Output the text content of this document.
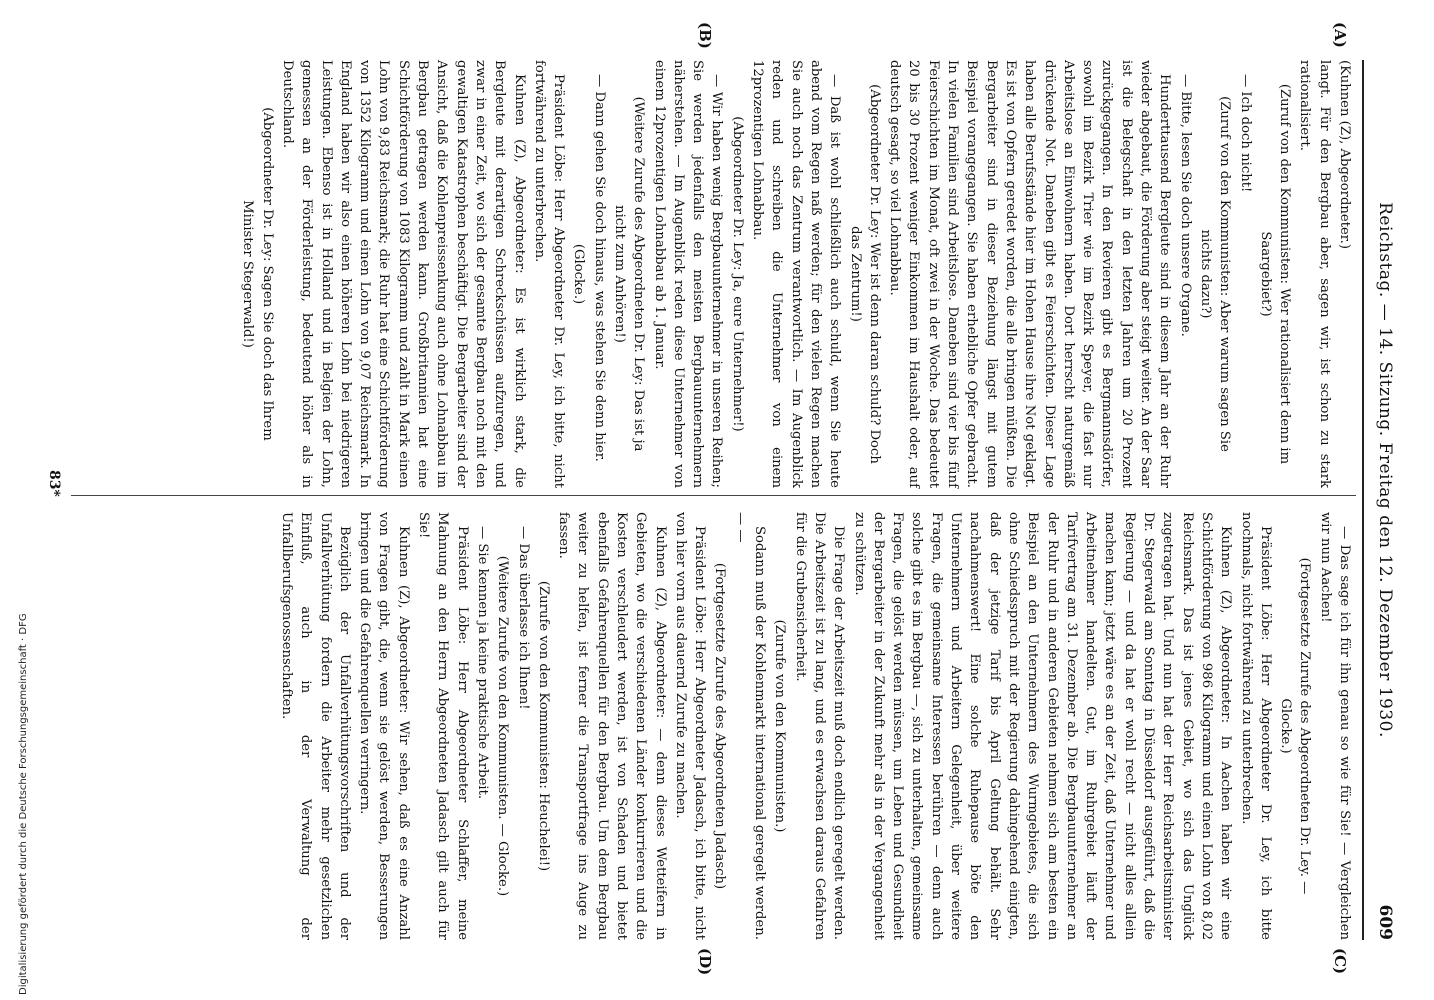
Reichstag. — 14. Sitzung. Freitag den 12. Dezember 1930.
609
(A)
(B)
(C)
(D)

(Kuhnen (Z), Abgeordneter.)

langt. Für den Bergbau aber, sagen wir, ist schon zu stark rationalisiert.

(Zuruf von den Kommunisten: Wer rationalisiert denn im Saargebiet?)

— Ich doch nicht!

(Zuruf von den Kommunisten: Aber warum sagen Sie nichts dazu?)

— Bitte, lesen Sie doch unsere Organe.

Hunderttausend Bergleute sind in diesem Jahr an der Ruhr wieder abgebaut, die Förderung aber steigt weiter. An der Saar ist die Belegschaft in den letzten Jahren um 20 Prozent zurückgegangen. In den Revieren gibt es Bergmannsdörfer, sowohl im Bezirk Trier wie im Bezirk Speyer, die fast nur Arbeitslose an Einwohnern haben. Dort herrscht naturgemäß drückende Not. Daneben gibt es Feierschichten. Dieser Lage haben alle Berufsstände hier im Hohen Hause ihre Not geklagt. Es ist von Opfern geredet worden, die alle bringen müßten. Die Bergarbeiter sind in dieser Beziehung längst mit gutem Beispiel vorangegangen. Sie haben erhebliche Opfer gebracht. In vielen Familien sind Arbeitslose. Daneben sind vier bis fünf Feierschichten im Monat, oft zwei in der Woche. Das bedeutet 20 bis 30 Prozent weniger Einkommen im Haushalt oder, auf deutsch gesagt, so viel Lohnabbau.

(Abgeordneter Dr. Ley: Wer ist denn daran schuld? Doch das Zentrum!)

— Daß ist wohl schließlich auch schuld, wenn Sie heute abend vom Regen naß werden; für den vielen Regen machen Sie auch noch das Zentrum verantwortlich. — Im Augenblick reden und schreiben die Unternehmer von einem 12prozentigen Lohnabbau.

(Abgeordneter Dr. Ley: Ja, eure Unternehmer!)

— Wir haben wenig Bergbauunternehmer in unseren Reihen; Sie werden jedenfalls den meisten Bergbauunternehmern näherstehen. — Im Augenblick reden diese Unternehmer von einem 12prozentigen Lohnabbau ab 1. Januar.

(Weitere Zurufe des Abgeordneten Dr. Ley: Das ist ja nicht zum Anhören!)

— Dann gehen Sie doch hinaus, was stehen Sie denn hier.

(Glocke.)

Präsident Löbe: Herr Abgeordneter Dr. Ley, ich bitte, nicht fortwährend zu unterbrechen.

Kuhnen (Z), Abgeordneter: Es ist wirklich stark, die Bergleute mit derartigen Schreckschüssen aufzuregen, und zwar in einer Zeit, wo sich der gesamte Bergbau noch mit den gewaltigen Katastrophen beschäftigt. Die Bergarbeiter sind der Ansicht, daß die Kohlenpreissenkung auch ohne Lohnabbau im Bergbau getragen werden kann. Großbritannien hat eine Schichtförderung von 1083 Kilogramm und zahlt in Mark einen Lohn von 9,83 Reichsmark; die Ruhr hat eine Schichtförderung von 1352 Kilogramm und einen Lohn von 9,07 Reichsmark. In England haben wir also einen höheren Lohn bei niedrigeren Leistungen. Ebenso ist in Holland und in Belgien der Lohn, gemessen an der Förderleistung, bedeutend höher als in Deutschland.

(Abgeordneter Dr. Ley: Sagen Sie doch das Ihrem Minister Stegerwald!)

— Das sage ich für ihn genau so wie für Sie! — Vergleichen wir nun Aachen!

(Fortgesetzte Zurufe des Abgeordneten Dr. Ley. — Glocke.)

Präsident Löbe: Herr Abgeordneter Dr. Ley, ich bitte nochmals, nicht fortwährend zu unterbrechen.

Kuhnen (Z), Abgeordneter: In Aachen haben wir eine Schichtförderung von 986 Kilogramm und einen Lohn von 8,02 Reichsmark. Das ist jenes Gebiet, wo sich das Unglück zugetragen hat. Und nun hat der Herr Reichsarbeitsminister Dr. Stegerwald am Sonntag in Düsseldorf ausgeführt, daß die Regierung — und da hat er wohl recht — nicht alles allein machen kann; jetzt wäre es an der Zeit, daß Unternehmer und Arbeitnehmer handelten. Gut, im Ruhrgebiet läuft der Tarifvertrag am 31. Dezember ab. Die Bergbauunternehmer an der Ruhr und in anderen Gebieten nehmen sich am besten ein Beispiel an den Unternehmern des Wurmgebietes, die sich ohne Schiedsspruch mit der Regierung dahingehend einigten, daß der jetzige Tarif bis April Geltung behält. Sehr nachahmenswert! Eine solche Ruhepause böte den Unternehmern und Arbeitern Gelegenheit, über weitere Fragen, die gemeinsame Interessen berühren — denn auch solche gibt es im Bergbau —, sich zu unterhalten, gemeinsame Fragen, die gelöst werden müssen, um Leben und Gesundheit der Bergarbeiter in der Zukunft mehr als in der Vergangenheit zu schützen.

Die Frage der Arbeitszeit muß doch endlich geregelt werden. Die Arbeitszeit ist zu lang, und es erwachsen daraus Gefahren für die Grubensicherheit.

(Zurufe von den Kommunisten.)

Sodann muß der Kohlenmarkt international geregelt werden. — —

(Fortgesetzte Zurufe des Abgeordneten Jadasch)

Präsident Löbe: Herr Abgeordneter Jadasch, ich bitte, nicht von hier vorn aus dauernd Zurufe zu machen.

Kuhnen (Z), Abgeordneter: — denn dieses Wetteifern in Gebieten, wo die verschiedenen Länder konkurrieren und die Kosten verschleudert werden, ist von Schaden und bietet ebenfalls Gefahrenquellen für den Bergbau. Um dem Bergbau weiter zu helfen, ist ferner die Transportfrage ins Auge zu fassen.

(Zurufe von den Kommunisten: Heuchelei!)

— Das überlasse ich Ihnen!

(Weitere Zurufe von den Kommunisten. — Glocke.)

— Sie kennen ja keine praktische Arbeit.

Präsident Löbe: Herr Abgeordneter Schlaffer, meine Mahnung an den Herrn Abgeordneten Jadasch gilt auch für Sie!

Kuhnen (Z), Abgeordneter: Wir sehen, daß es eine Anzahl von Fragen gibt, die, wenn sie gelöst werden, Besserungen bringen und die Gefahrenquellen verringern.

Bezüglich der Unfallverhütungsvorschriften und der Unfallverhütung fordern die Arbeiter mehr gesetzlichen Einfluß, auch in der Verwaltung der Unfallberufsgenossenschaften.

83*
Digitalisierung gefördert durch die Deutsche Forschungsgemeinschaft · DFG
